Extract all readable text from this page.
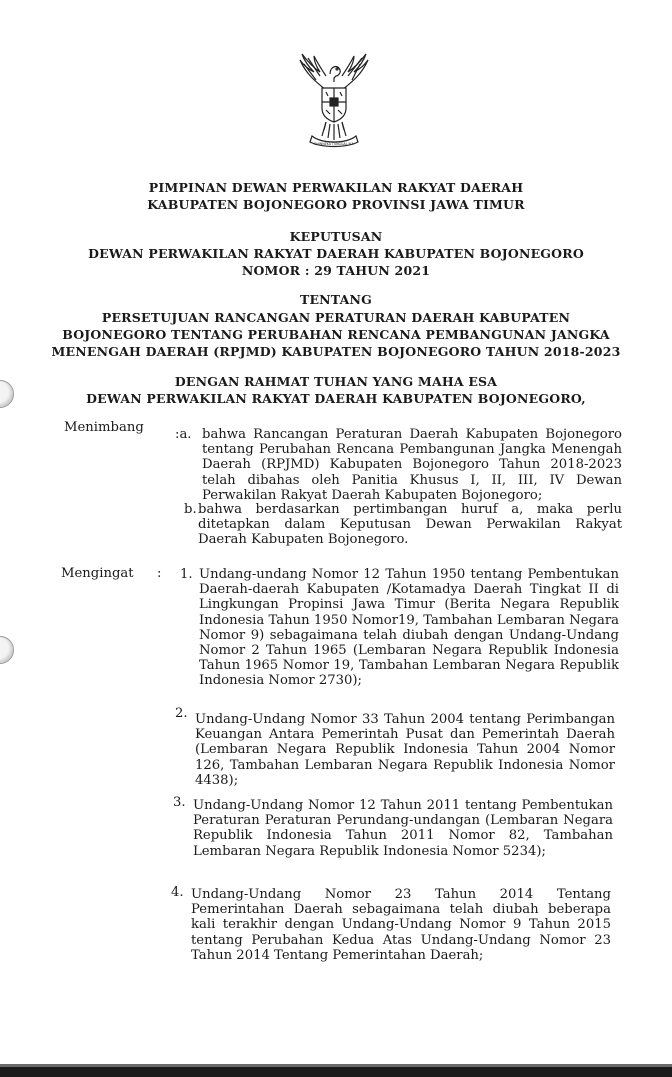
BHINNEKA TUNGGAL IKA
PIMPINAN DEWAN PERWAKILAN RAKYAT DAERAH
KABUPATEN BOJONEGORO PROVINSI JAWA TIMUR
KEPUTUSAN
DEWAN PERWAKILAN RAKYAT DAERAH KABUPATEN BOJONEGORO
NOMOR : 29 TAHUN 2021
TENTANG
PERSETUJUAN RANCANGAN PERATURAN DAERAH KABUPATEN
BOJONEGORO TENTANG PERUBAHAN RENCANA PEMBANGUNAN JANGKA
MENENGAH DAERAH (RPJMD) KABUPATEN BOJONEGORO TAHUN 2018-2023
DENGAN RAHMAT TUHAN YANG MAHA ESA
DEWAN PERWAKILAN RAKYAT DAERAH KABUPATEN BOJONEGORO,
Menimbang :a. bahwa Rancangan Peraturan Daerah Kabupaten Bojonegoro tentang Perubahan Rencana Pembangunan Jangka Menengah Daerah (RPJMD) Kabupaten Bojonegoro Tahun 2018-2023 telah dibahas oleh Panitia Khusus I, II, III, IV Dewan Perwakilan Rakyat Daerah Kabupaten Bojonegoro;
b. bahwa berdasarkan pertimbangan huruf a, maka perlu ditetapkan dalam Keputusan Dewan Perwakilan Rakyat Daerah Kabupaten Bojonegoro.
Mengingat : 1. Undang-undang Nomor 12 Tahun 1950 tentang Pembentukan Daerah-daerah Kabupaten /Kotamadya Daerah Tingkat II di Lingkungan Propinsi Jawa Timur (Berita Negara Republik Indonesia Tahun 1950 Nomor19, Tambahan Lembaran Negara Nomor 9) sebagaimana telah diubah dengan Undang-Undang Nomor 2 Tahun 1965 (Lembaran Negara Republik Indonesia Tahun 1965 Nomor 19, Tambahan Lembaran Negara Republik Indonesia Nomor 2730);
2. Undang-Undang Nomor 33 Tahun 2004 tentang Perimbangan Keuangan Antara Pemerintah Pusat dan Pemerintah Daerah (Lembaran Negara Republik Indonesia Tahun 2004 Nomor 126, Tambahan Lembaran Negara Republik Indonesia Nomor 4438);
3. Undang-Undang Nomor 12 Tahun 2011 tentang Pembentukan Peraturan Peraturan Perundang-undangan (Lembaran Negara Republik Indonesia Tahun 2011 Nomor 82, Tambahan Lembaran Negara Republik Indonesia Nomor 5234);
4. Undang-Undang Nomor 23 Tahun 2014 Tentang Pemerintahan Daerah sebagaimana telah diubah beberapa kali terakhir dengan Undang-Undang Nomor 9 Tahun 2015 tentang Perubahan Kedua Atas Undang-Undang Nomor 23 Tahun 2014 Tentang Pemerintahan Daerah;
